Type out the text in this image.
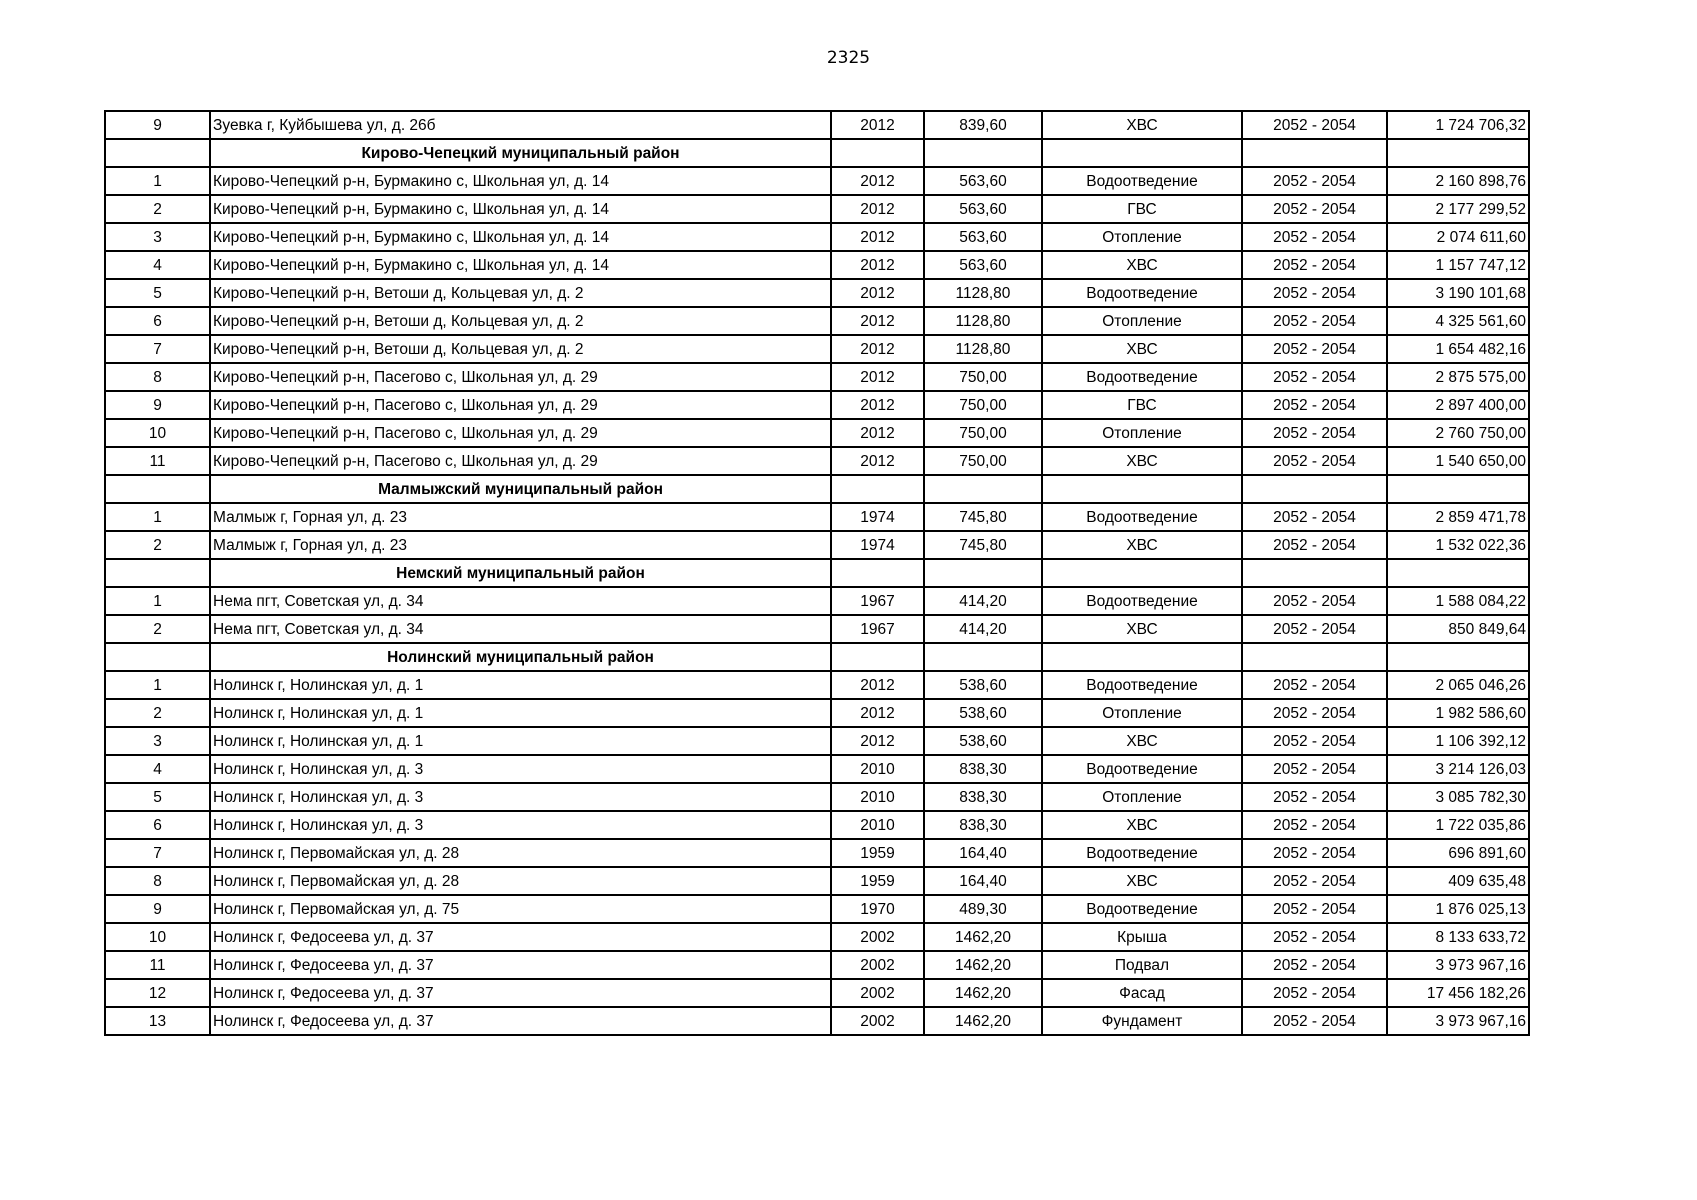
2325
9	Зуевка г, Куйбышева ул, д. 26б	2012	839,60	ХВС	2052 - 2054	1 724 706,32
	Кирово-Чепецкий муниципальный район					
1	Кирово-Чепецкий р-н, Бурмакино с, Школьная ул, д. 14	2012	563,60	Водоотведение	2052 - 2054	2 160 898,76
2	Кирово-Чепецкий р-н, Бурмакино с, Школьная ул, д. 14	2012	563,60	ГВС	2052 - 2054	2 177 299,52
3	Кирово-Чепецкий р-н, Бурмакино с, Школьная ул, д. 14	2012	563,60	Отопление	2052 - 2054	2 074 611,60
4	Кирово-Чепецкий р-н, Бурмакино с, Школьная ул, д. 14	2012	563,60	ХВС	2052 - 2054	1 157 747,12
5	Кирово-Чепецкий р-н, Ветоши д, Кольцевая ул, д. 2	2012	1128,80	Водоотведение	2052 - 2054	3 190 101,68
6	Кирово-Чепецкий р-н, Ветоши д, Кольцевая ул, д. 2	2012	1128,80	Отопление	2052 - 2054	4 325 561,60
7	Кирово-Чепецкий р-н, Ветоши д, Кольцевая ул, д. 2	2012	1128,80	ХВС	2052 - 2054	1 654 482,16
8	Кирово-Чепецкий р-н, Пасегово с, Школьная ул, д. 29	2012	750,00	Водоотведение	2052 - 2054	2 875 575,00
9	Кирово-Чепецкий р-н, Пасегово с, Школьная ул, д. 29	2012	750,00	ГВС	2052 - 2054	2 897 400,00
10	Кирово-Чепецкий р-н, Пасегово с, Школьная ул, д. 29	2012	750,00	Отопление	2052 - 2054	2 760 750,00
11	Кирово-Чепецкий р-н, Пасегово с, Школьная ул, д. 29	2012	750,00	ХВС	2052 - 2054	1 540 650,00
	Малмыжский муниципальный район					
1	Малмыж г, Горная ул, д. 23	1974	745,80	Водоотведение	2052 - 2054	2 859 471,78
2	Малмыж г, Горная ул, д. 23	1974	745,80	ХВС	2052 - 2054	1 532 022,36
	Немский муниципальный район					
1	Нема пгт, Советская ул, д. 34	1967	414,20	Водоотведение	2052 - 2054	1 588 084,22
2	Нема пгт, Советская ул, д. 34	1967	414,20	ХВС	2052 - 2054	850 849,64
	Нолинский муниципальный район					
1	Нолинск г, Нолинская ул, д. 1	2012	538,60	Водоотведение	2052 - 2054	2 065 046,26
2	Нолинск г, Нолинская ул, д. 1	2012	538,60	Отопление	2052 - 2054	1 982 586,60
3	Нолинск г, Нолинская ул, д. 1	2012	538,60	ХВС	2052 - 2054	1 106 392,12
4	Нолинск г, Нолинская ул, д. 3	2010	838,30	Водоотведение	2052 - 2054	3 214 126,03
5	Нолинск г, Нолинская ул, д. 3	2010	838,30	Отопление	2052 - 2054	3 085 782,30
6	Нолинск г, Нолинская ул, д. 3	2010	838,30	ХВС	2052 - 2054	1 722 035,86
7	Нолинск г, Первомайская ул, д. 28	1959	164,40	Водоотведение	2052 - 2054	696 891,60
8	Нолинск г, Первомайская ул, д. 28	1959	164,40	ХВС	2052 - 2054	409 635,48
9	Нолинск г, Первомайская ул, д. 75	1970	489,30	Водоотведение	2052 - 2054	1 876 025,13
10	Нолинск г, Федосеева ул, д. 37	2002	1462,20	Крыша	2052 - 2054	8 133 633,72
11	Нолинск г, Федосеева ул, д. 37	2002	1462,20	Подвал	2052 - 2054	3 973 967,16
12	Нолинск г, Федосеева ул, д. 37	2002	1462,20	Фасад	2052 - 2054	17 456 182,26
13	Нолинск г, Федосеева ул, д. 37	2002	1462,20	Фундамент	2052 - 2054	3 973 967,16
